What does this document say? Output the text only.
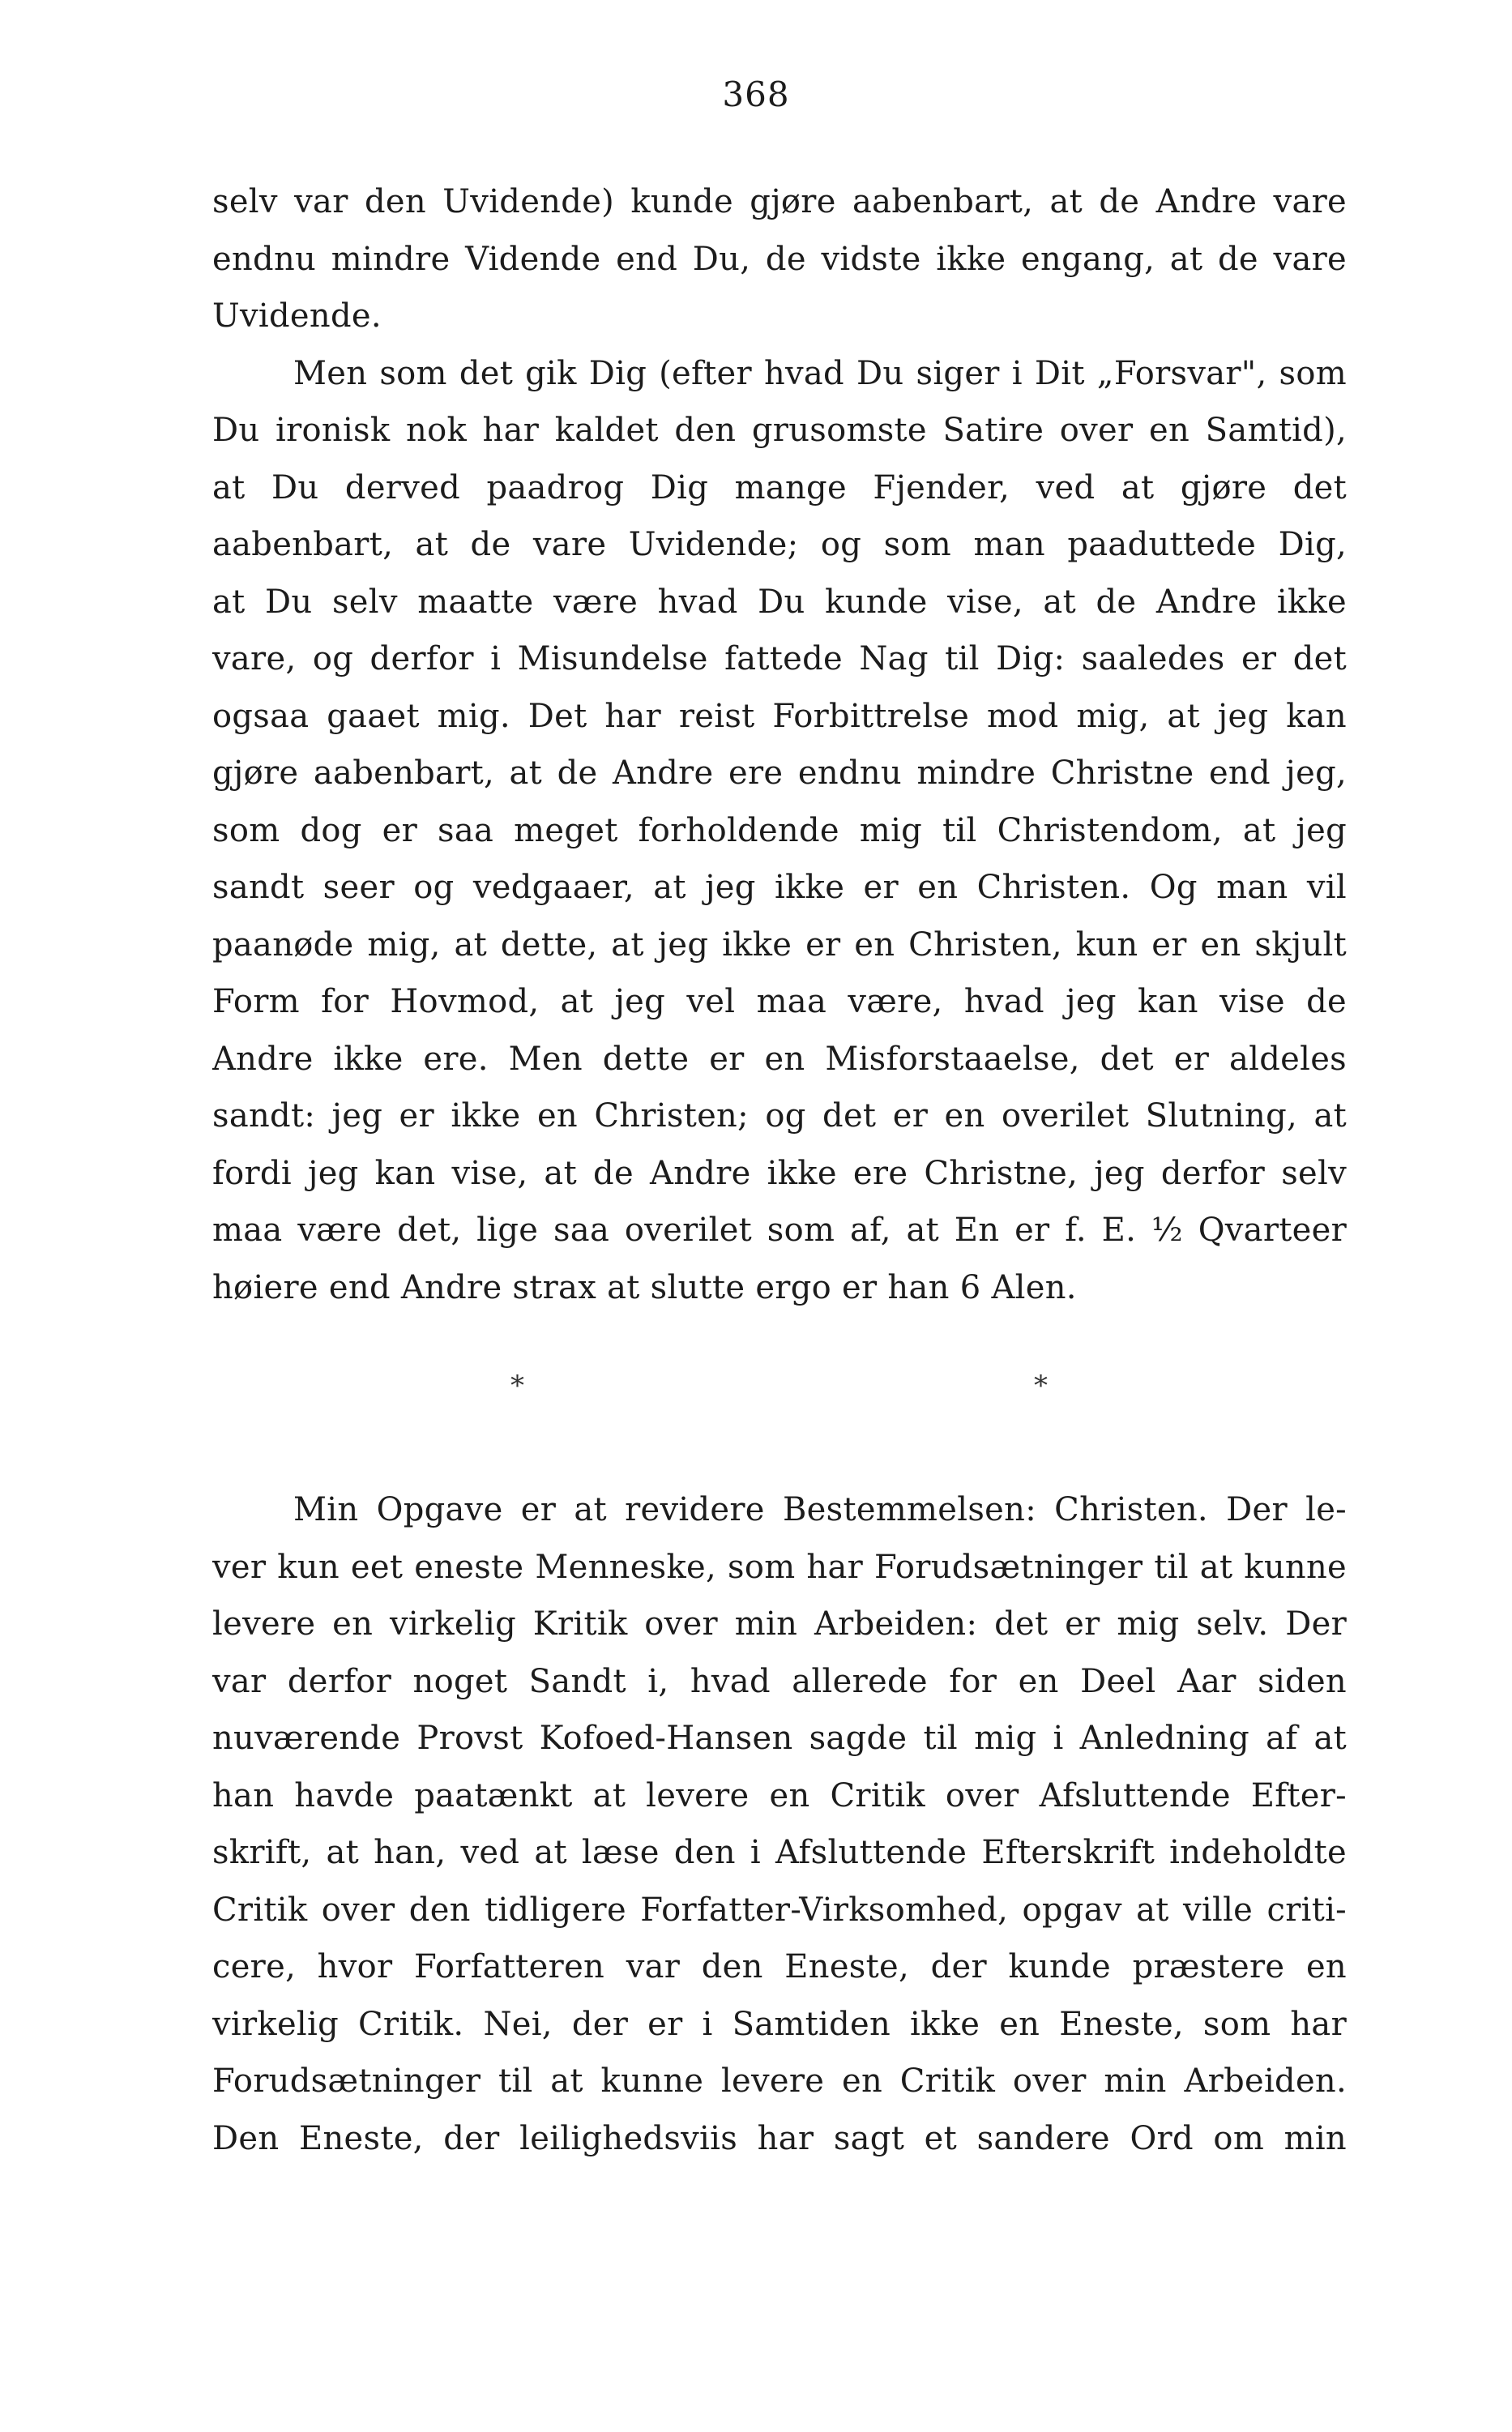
368
selv var den Uvidende) kunde gjøre aabenbart, at de Andre vare
endnu mindre Vidende end Du, de vidste ikke engang, at de vare
Uvidende.
Men som det gik Dig (efter hvad Du siger i Dit „Forsvar", som
Du ironisk nok har kaldet den grusomste Satire over en Samtid),
at Du derved paadrog Dig mange Fjender, ved at gjøre det
aabenbart, at de vare Uvidende; og som man paaduttede Dig,
at Du selv maatte være hvad Du kunde vise, at de Andre ikke
vare, og derfor i Misundelse fattede Nag til Dig: saaledes er det
ogsaa gaaet mig. Det har reist Forbittrelse mod mig, at jeg kan
gjøre aabenbart, at de Andre ere endnu mindre Christne end jeg,
som dog er saa meget forholdende mig til Christendom, at jeg
sandt seer og vedgaaer, at jeg ikke er en Christen. Og man vil
paanøde mig, at dette, at jeg ikke er en Christen, kun er en skjult
Form for Hovmod, at jeg vel maa være, hvad jeg kan vise de
Andre ikke ere. Men dette er en Misforstaaelse, det er aldeles
sandt: jeg er ikke en Christen; og det er en overilet Slutning, at
fordi jeg kan vise, at de Andre ikke ere Christne, jeg derfor selv
maa være det, lige saa overilet som af, at En er f. E. ½ Qvarteer
høiere end Andre strax at slutte ergo er han 6 Alen.
*	*
Min Opgave er at revidere Bestemmelsen: Christen. Der le-
ver kun eet eneste Menneske, som har Forudsætninger til at kunne
levere en virkelig Kritik over min Arbeiden: det er mig selv. Der
var derfor noget Sandt i, hvad allerede for en Deel Aar siden
nuværende Provst Kofoed-Hansen sagde til mig i Anledning af at
han havde paatænkt at levere en Critik over Afsluttende Efter-
skrift, at han, ved at læse den i Afsluttende Efterskrift indeholdte
Critik over den tidligere Forfatter-Virksomhed, opgav at ville criti-
cere, hvor Forfatteren var den Eneste, der kunde præstere en
virkelig Critik. Nei, der er i Samtiden ikke en Eneste, som har
Forudsætninger til at kunne levere en Critik over min Arbeiden.
Den Eneste, der leilighedsviis har sagt et sandere Ord om min
